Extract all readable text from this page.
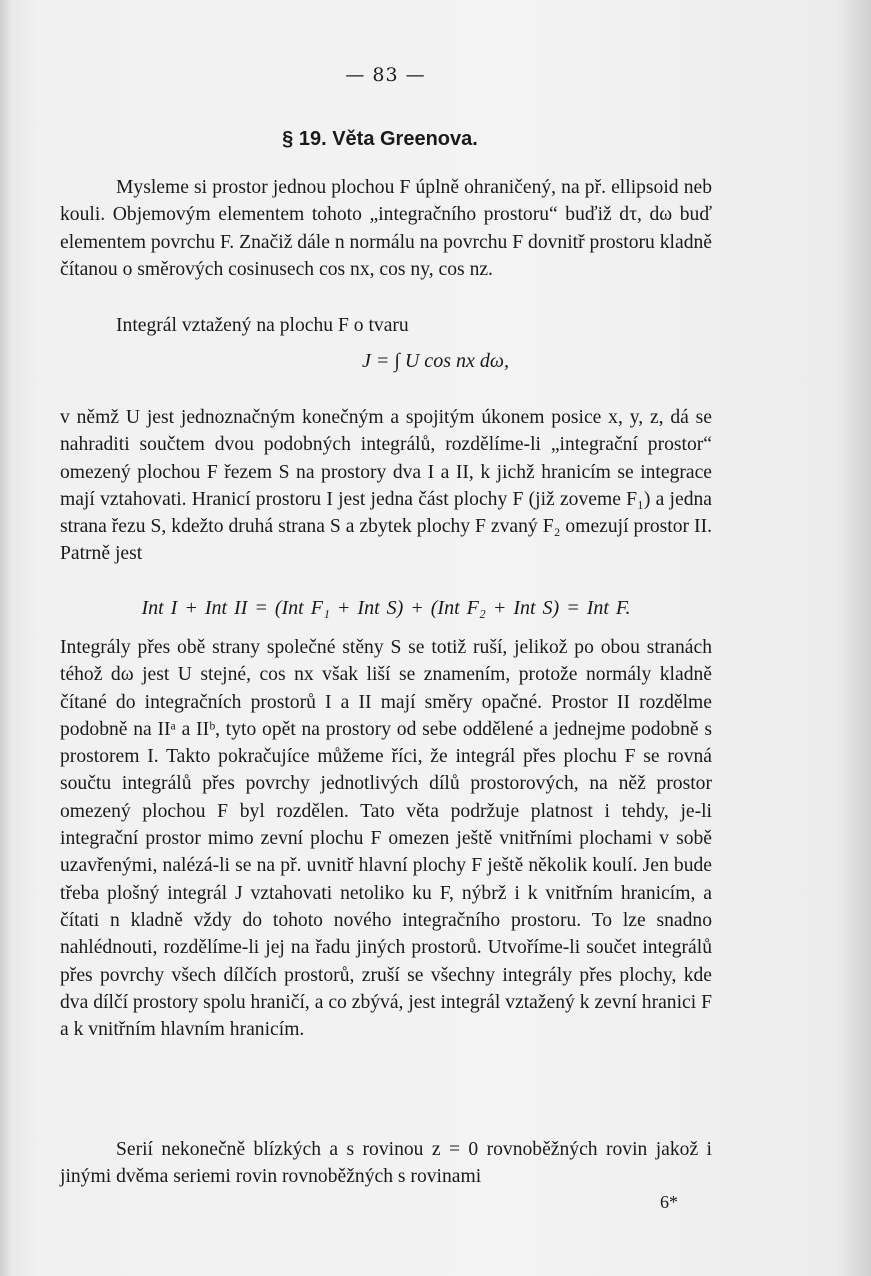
— 83 —
§ 19. Věta Greenova.
Mysleme si prostor jednou plochou F úplně ohraničený, na př. ellipsoid neb kouli. Objemovým elementem tohoto „integračního prostoru“ buďiž dτ, dω buď elementem povrchu F. Značiž dále n normálu na povrchu F dovnitř prostoru kladně čítanou o směrových cosinusech cos nx, cos ny, cos nz.
Integrál vztažený na plochu F o tvaru
J = ∫ U cos nx dω,
v němž U jest jednoznačným konečným a spojitým úkonem posice x, y, z, dá se nahraditi součtem dvou podobných integrálů, rozdělíme-li „integrační prostor“ omezený plochou F řezem S na prostory dva I a II, k jichž hranicím se integrace mají vztahovati. Hranicí prostoru I jest jedna část plochy F (již zoveme F₁) a jedna strana řezu S, kdežto druhá strana S a zbytek plochy F zvaný F₂ omezují prostor II. Patrně jest
Int I + Int II = (Int F₁ + Int S) + (Int F₂ + Int S) = Int F.
Integrály přes obě strany společné stěny S se totiž ruší, jelikož po obou stranách téhož dω jest U stejné, cos nx však liší se znamením, protože normály kladně čítané do integračních prostorů I a II mají směry opačné. Prostor II rozdělme podobně na IIᵃ a IIᵇ, tyto opět na prostory od sebe oddělené a jednejme podobně s prostorem I. Takto pokračujíce můžeme říci, že integrál přes plochu F se rovná součtu integrálů přes povrchy jednotlivých dílů prostorových, na něž prostor omezený plochou F byl rozdělen. Tato věta podržuje platnost i tehdy, je-li integrační prostor mimo zevní plochu F omezen ještě vnitřními plochami v sobě uzavřenými, nalézá-li se na př. uvnitř hlavní plochy F ještě několik koulí. Jen bude třeba plošný integrál J vztahovati netoliko ku F, nýbrž i k vnitřním hranicím, a čítati n kladně vždy do tohoto nového integračního prostoru. To lze snadno nahlédnouti, rozdělíme-li jej na řadu jiných prostorů. Utvoříme-li součet integrálů přes povrchy všech dílčích prostorů, zruší se všechny integrály přes plochy, kde dva dílčí prostory spolu hraničí, a co zbývá, jest integrál vztažený k zevní hranici F a k vnitřním hlavním hranicím.
Serií nekonečně blízkých a s rovinou z = 0 rovnoběžných rovin jakož i jinými dvěma seriemi rovin rovnoběžných s rovinami
6*
